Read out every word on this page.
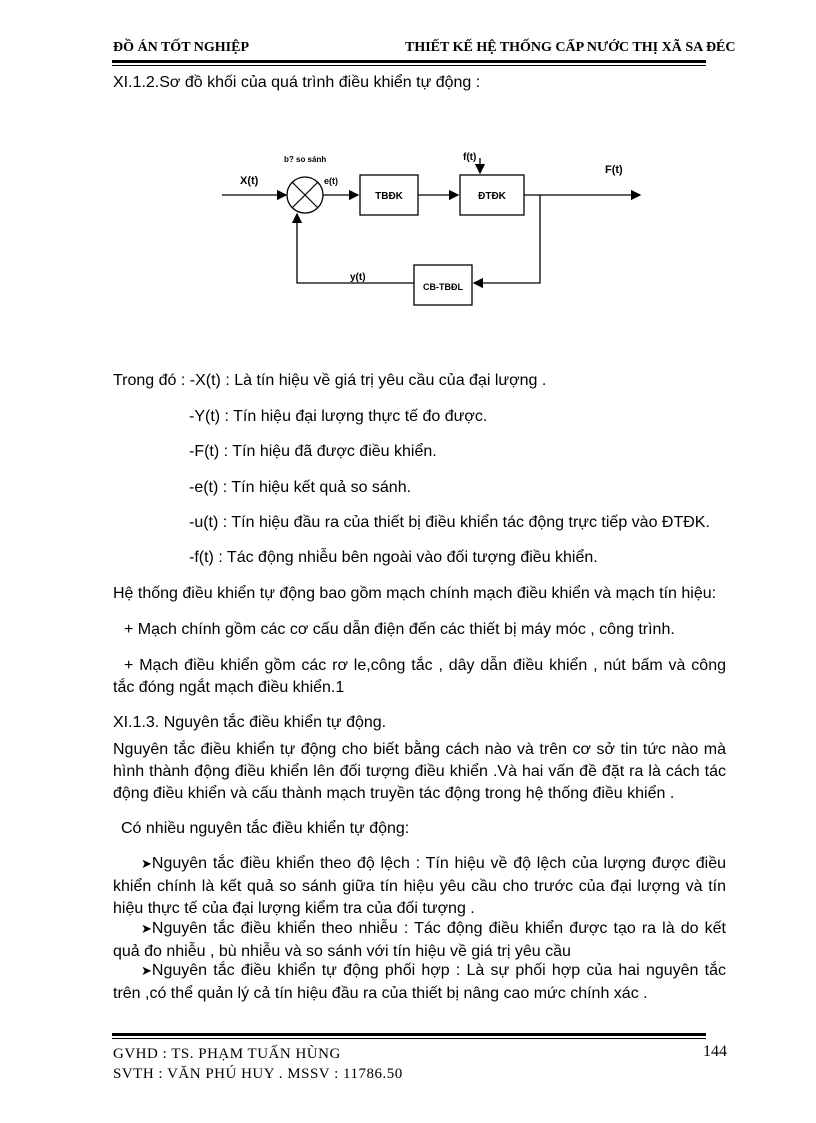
ĐỒ ÁN TỐT NGHIỆP	THIẾT KẾ HỆ THỐNG CẤP NƯỚC THỊ XÃ SA ĐÉC
XI.1.2.Sơ đồ khối của quá trình điều khiển tự động :
X(t)
b? so sánh
e(t)
TBĐK	ĐTĐK
f(t)
F(t)
y(t)
CB-TBĐL
Trong đó : -X(t) : Là tín hiệu về giá trị yêu cầu của đại lượng .
-Y(t) : Tín hiệu đại lượng thực tế đo được.
-F(t) : Tín hiệu đã được điều khiển.
-e(t) : Tín hiệu kết quả so sánh.
-u(t) : Tín hiệu đầu ra của thiết bị điều khiển tác động trực tiếp vào ĐTĐK.
-f(t) : Tác động nhiễu bên ngoài vào đối tượng điều khiển.
Hệ thống điều khiển tự động bao gồm mạch chính mạch điều khiển và mạch tín hiệu:
+ Mạch chính gồm các cơ cấu dẫn điện đến các thiết bị máy móc , công trình.
+ Mạch điều khiển gồm các rơ le,công tắc , dây dẫn điều khiển , nút bấm và công tắc đóng ngắt mạch điều khiển.1
XI.1.3. Nguyên tắc điều khiển tự động.
Nguyên tắc điều khiển tự động cho biết bằng cách nào và trên cơ sở tin tức nào mà hình thành động điều khiển lên đối tượng điều khiển .Và hai vấn đề đặt ra là cách tác động điều khiển và cấu thành mạch truyền tác động trong hệ thống điều khiển .
Có nhiều nguyên tắc điều khiển tự động:
➤Nguyên tắc điều khiển theo độ lệch : Tín hiệu về độ lệch của lượng được điều khiển chính là kết quả so sánh giữa tín hiệu yêu cầu cho trước của đại lượng và tín hiệu thực tế của đại lượng kiểm tra của đối tượng .
➤Nguyên tắc điều khiển theo nhiễu : Tác động điều khiển được tạo ra là do kết quả đo nhiễu , bù nhiễu và so sánh với tín hiệu về giá trị yêu cầu
➤Nguyên tắc điều khiển tự động phối hợp : Là sự phối hợp của hai nguyên tắc trên ,có thể quản lý cả tín hiệu đầu ra của thiết bị nâng cao mức chính xác .
144
GVHD : TS. PHẠM TUẤN HÙNG
SVTH : VĂN PHÚ HUY . MSSV : 11786.50
